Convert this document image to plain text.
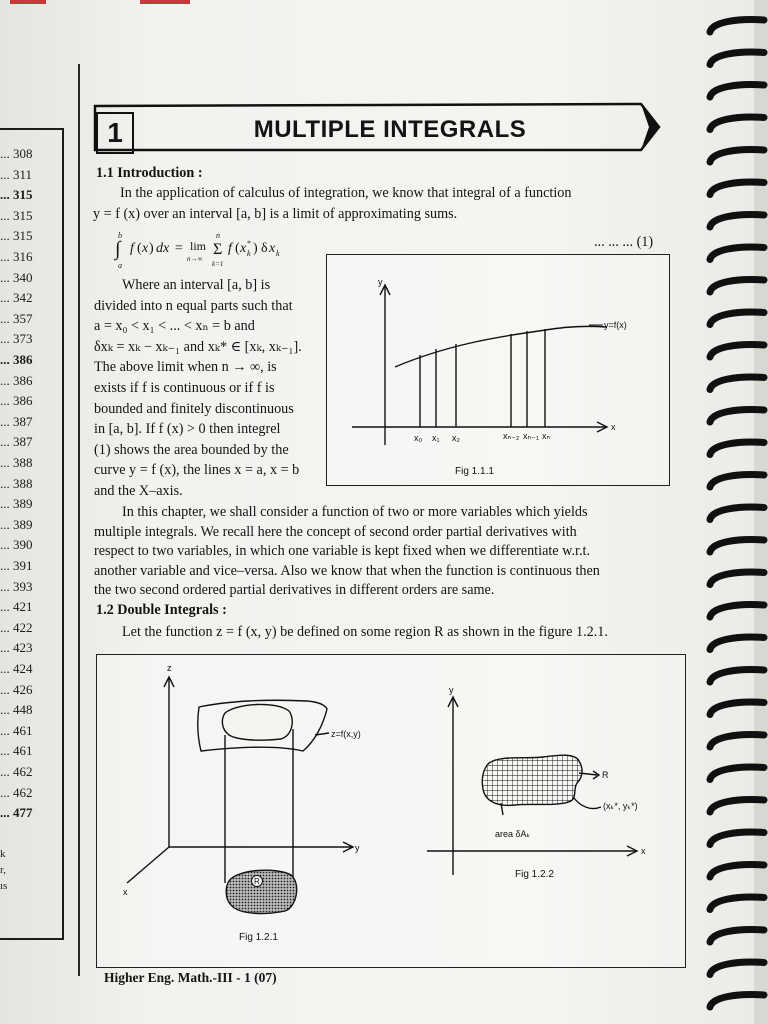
... 308
... 311
... 315
... 315
... 315
... 316
... 340
... 342
... 357
... 373
... 386
... 386
... 386
... 387
... 387
... 388
... 388
... 389
... 389
... 390
... 391
... 393
... 421
... 422
... 423
... 424
... 426
... 448
... 461
... 461
... 462
... 462
... 477
k
r,
ıs
1	MULTIPLE INTEGRALS
1.1 Introduction :
In the application of calculus of integration, we know that integral of a function
y = f (x) over an interval [a, b] is a limit of approximating sums.
b
∫
a
f ( x ) dx = lim
n→∞
n
Σ
k=1
f ( x *
k ) δ x k
... ... ... (1)
Where an interval [a, b] is
divided into n equal parts such that
a = x₀ < x₁ < ... < xₙ = b and
δxₖ = xₖ − xₖ₋₁ and xₖ* ∈ [xₖ, xₖ₋₁].
The above limit when n → ∞, is
exists if f is continuous or if f is
bounded and finitely discontinuous
in [a, b]. If f (x) > 0 then integrel
(1) shows the area bounded by the
curve y = f (x), the lines x = a, x = b
and the X–axis.
y
x
y=f(x)
x₀ x₁ x₂	xₙ₋₂ xₙ₋₁ xₙ
Fig 1.1.1
In this chapter, we shall consider a function of two or more variables which yields
multiple integrals. We recall here the concept of second order partial derivatives with
respect to two variables, in which one variable is kept fixed when we differentiate w.r.t.
another variable and vice–versa. Also we know that when the function is continuous then
the two second ordered partial derivatives in different orders are same.
1.2 Double Integrals :
Let the function z = f (x, y) be defined on some region R as shown in the figure 1.2.1.
z
y
x
z=f(x,y)
R
Fig 1.2.1
y
x
R
(xₖ*, yₖ*)
area δAₖ
Fig 1.2.2
Higher Eng. Math.-III - 1 (07)
